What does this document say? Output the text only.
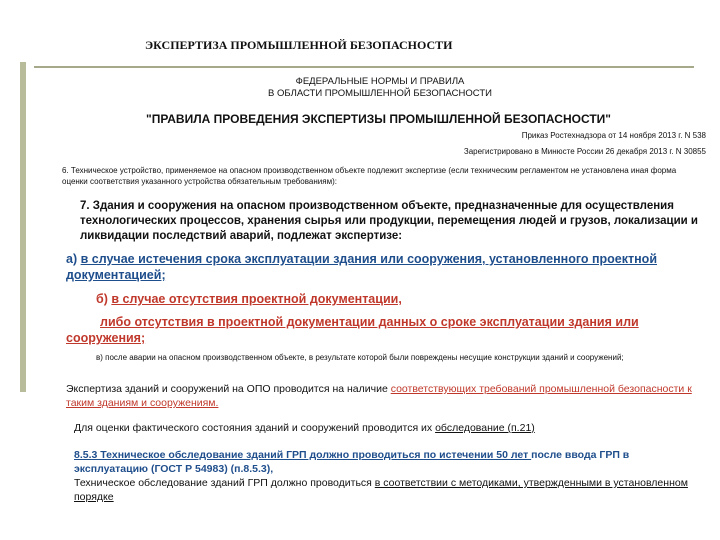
ЭКСПЕРТИЗА ПРОМЫШЛЕННОЙ БЕЗОПАСНОСТИ
ФЕДЕРАЛЬНЫЕ НОРМЫ И ПРАВИЛА
В ОБЛАСТИ ПРОМЫШЛЕННОЙ БЕЗОПАСНОСТИ
"ПРАВИЛА ПРОВЕДЕНИЯ ЭКСПЕРТИЗЫ ПРОМЫШЛЕННОЙ БЕЗОПАСНОСТИ"
Приказ Ростехнадзора от 14 ноября 2013 г. N 538
Зарегистрировано в Минюсте России 26 декабря 2013 г. N 30855
6. Техническое устройство, применяемое на опасном производственном объекте подлежит экспертизе (если техническим регламентом не установлена иная форма оценки соответствия указанного устройства обязательным требованиям):
7. Здания и сооружения на опасном производственном объекте, предназначенные для осуществления технологических процессов, хранения сырья или продукции, перемещения людей и грузов, локализации и ликвидации последствий аварий, подлежат экспертизе:
а) в случае истечения срока эксплуатации здания или сооружения, установленного проектной документацией;
б) в случае отсутствия проектной документации,
либо отсутствия в проектной документации данных о сроке эксплуатации здания или сооружения;
в) после аварии на опасном производственном объекте, в результате которой были повреждены несущие конструкции зданий и сооружений;
Экспертиза зданий и сооружений на ОПО проводится на наличие соответствующих требований промышленной безопасности к таким зданиям и сооружениям.
Для оценки фактического состояния зданий и сооружений проводится их обследование (п.21)
8.5.3 Техническое обследование зданий ГРП должно проводиться по истечении 50 лет после ввода ГРП в эксплуатацию (ГОСТ Р 54983) (п.8.5.3),
Техническое обследование зданий ГРП должно проводиться в соответствии с методиками, утвержденными в установленном порядке
